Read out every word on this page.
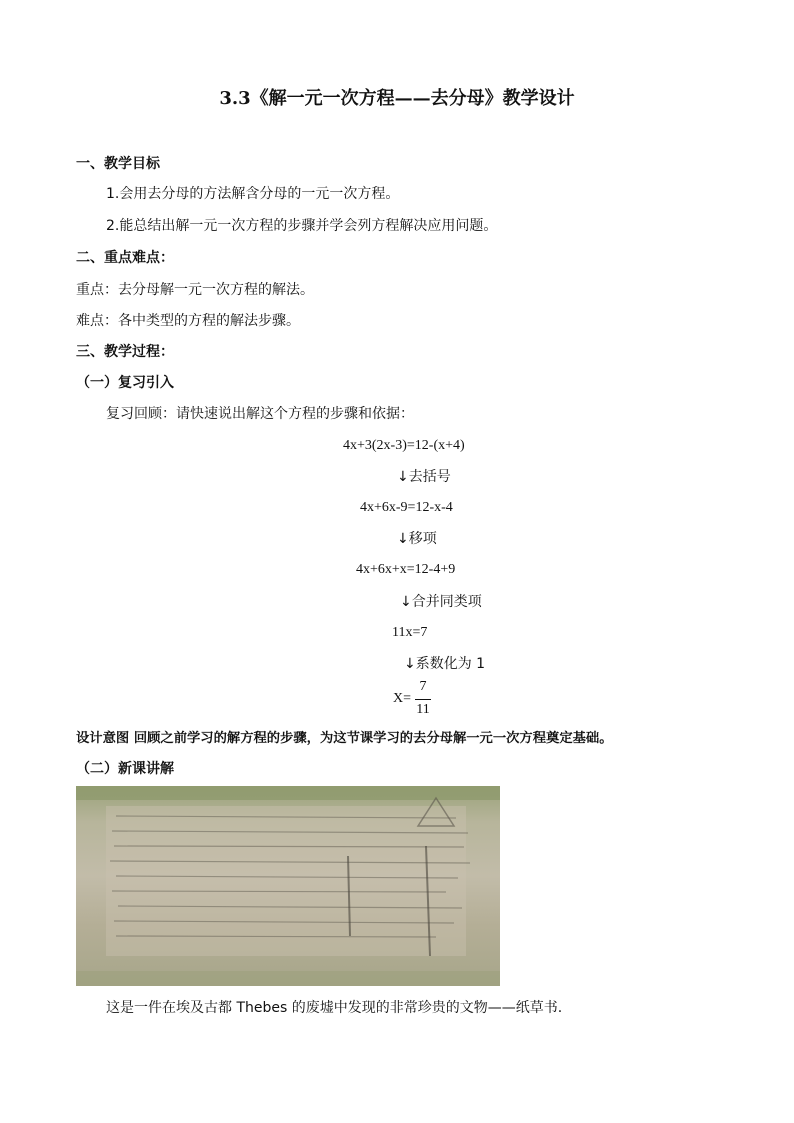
3.3《解一元一次方程——去分母》教学设计
一、教学目标
1.会用去分母的方法解含分母的一元一次方程。
2.能总结出解一元一次方程的步骤并学会列方程解决应用问题。
二、重点难点：
重点：去分母解一元一次方程的解法。
难点：各中类型的方程的解法步骤。
三、教学过程：
（一）复习引入
复习回顾：请快速说出解这个方程的步骤和依据：
4x+3(2x-3)=12-(x+4)
↓去括号
4x+6x-9=12-x-4
↓移项
4x+6x+x=12-4+9
↓合并同类项
11x=7
↓系数化为 1
X=
7
11
设计意图 回顾之前学习的解方程的步骤，为这节课学习的去分母解一元一次方程奠定基础。
（二）新课讲解
这是一件在埃及古都 Thebes 的废墟中发现的非常珍贵的文物——纸草书.
